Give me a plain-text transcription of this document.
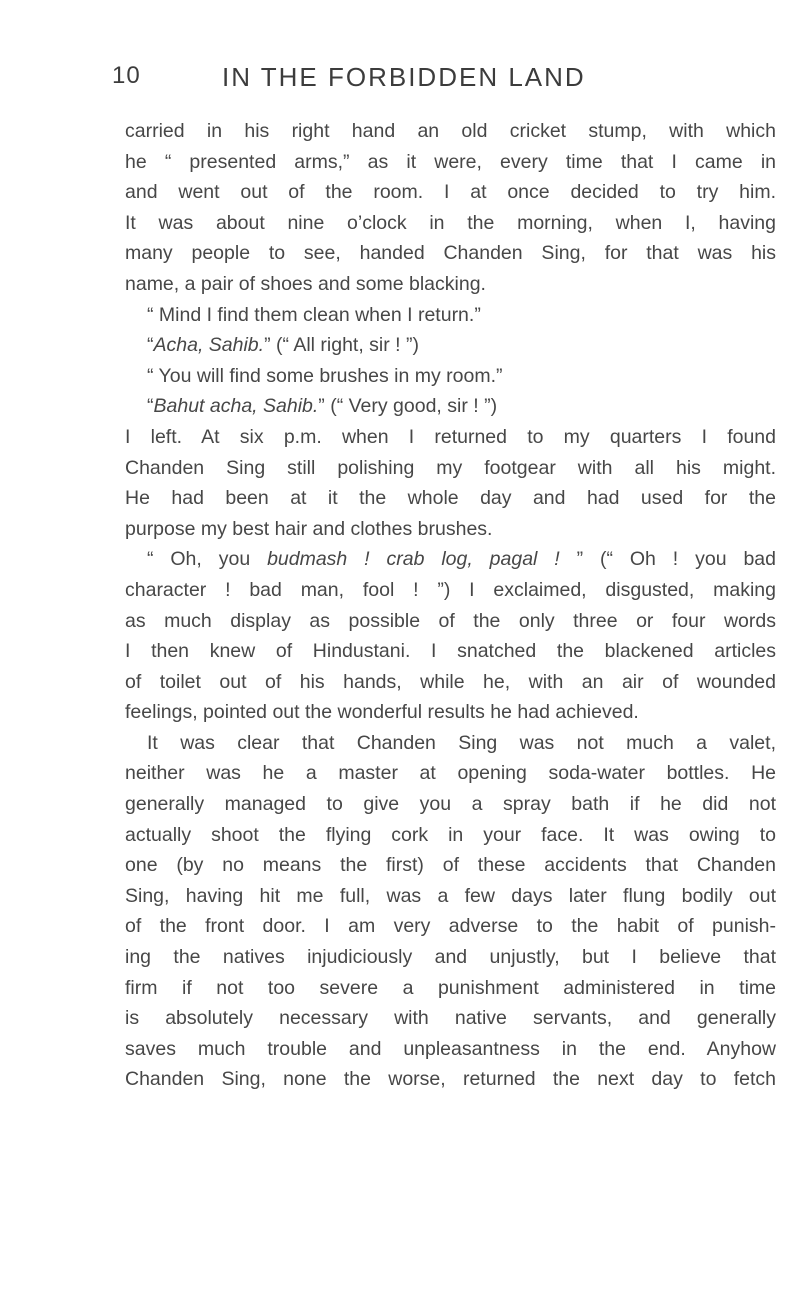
10	IN THE FORBIDDEN LAND
carried in his right hand an old cricket stump, with which
he “ presented arms,” as it were, every time that I came in
and went out of the room. I at once decided to try him.
It was about nine o’clock in the morning, when I, having
many people to see, handed Chanden Sing, for that was his
name, a pair of shoes and some blacking.
“ Mind I find them clean when I return.”
“Acha, Sahib.” (“ All right, sir ! ”)
“ You will find some brushes in my room.”
“Bahut acha, Sahib.” (“ Very good, sir ! ”)
I left. At six p.m. when I returned to my quarters I found
Chanden Sing still polishing my footgear with all his might.
He had been at it the whole day and had used for the
purpose my best hair and clothes brushes.
“ Oh, you budmash ! crab log, pagal ! ” (“ Oh ! you bad
character ! bad man, fool ! ”) I exclaimed, disgusted, making
as much display as possible of the only three or four words
I then knew of Hindustani. I snatched the blackened articles
of toilet out of his hands, while he, with an air of wounded
feelings, pointed out the wonderful results he had achieved.
It was clear that Chanden Sing was not much a valet,
neither was he a master at opening soda-water bottles. He
generally managed to give you a spray bath if he did not
actually shoot the flying cork in your face. It was owing to
one (by no means the first) of these accidents that Chanden
Sing, having hit me full, was a few days later flung bodily out
of the front door. I am very adverse to the habit of punish-
ing the natives injudiciously and unjustly, but I believe that
firm if not too severe a punishment administered in time
is absolutely necessary with native servants, and generally
saves much trouble and unpleasantness in the end. Anyhow
Chanden Sing, none the worse, returned the next day to fetch
